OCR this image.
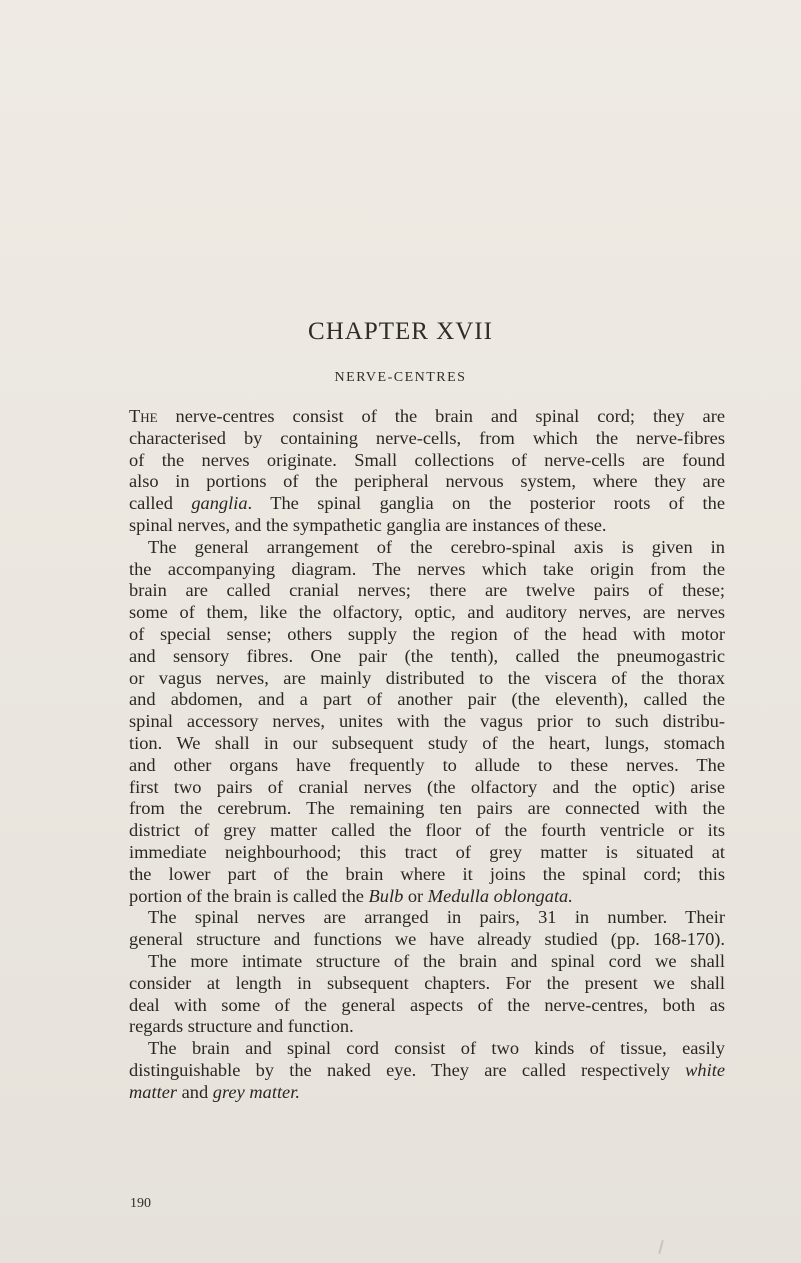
CHAPTER XVII
NERVE-CENTRES
The nerve-centres consist of the brain and spinal cord; they are
characterised by containing nerve-cells, from which the nerve-fibres
of the nerves originate. Small collections of nerve-cells are found
also in portions of the peripheral nervous system, where they are
called ganglia. The spinal ganglia on the posterior roots of the
spinal nerves, and the sympathetic ganglia are instances of these.
The general arrangement of the cerebro-spinal axis is given in
the accompanying diagram. The nerves which take origin from the
brain are called cranial nerves; there are twelve pairs of these;
some of them, like the olfactory, optic, and auditory nerves, are nerves
of special sense; others supply the region of the head with motor
and sensory fibres. One pair (the tenth), called the pneumogastric
or vagus nerves, are mainly distributed to the viscera of the thorax
and abdomen, and a part of another pair (the eleventh), called the
spinal accessory nerves, unites with the vagus prior to such distribu-
tion. We shall in our subsequent study of the heart, lungs, stomach
and other organs have frequently to allude to these nerves. The
first two pairs of cranial nerves (the olfactory and the optic) arise
from the cerebrum. The remaining ten pairs are connected with the
district of grey matter called the floor of the fourth ventricle or its
immediate neighbourhood; this tract of grey matter is situated at
the lower part of the brain where it joins the spinal cord; this
portion of the brain is called the Bulb or Medulla oblongata.
The spinal nerves are arranged in pairs, 31 in number. Their
general structure and functions we have already studied (pp. 168-170).
The more intimate structure of the brain and spinal cord we shall
consider at length in subsequent chapters. For the present we shall
deal with some of the general aspects of the nerve-centres, both as
regards structure and function.
The brain and spinal cord consist of two kinds of tissue, easily
distinguishable by the naked eye. They are called respectively white
matter and grey matter.
190
